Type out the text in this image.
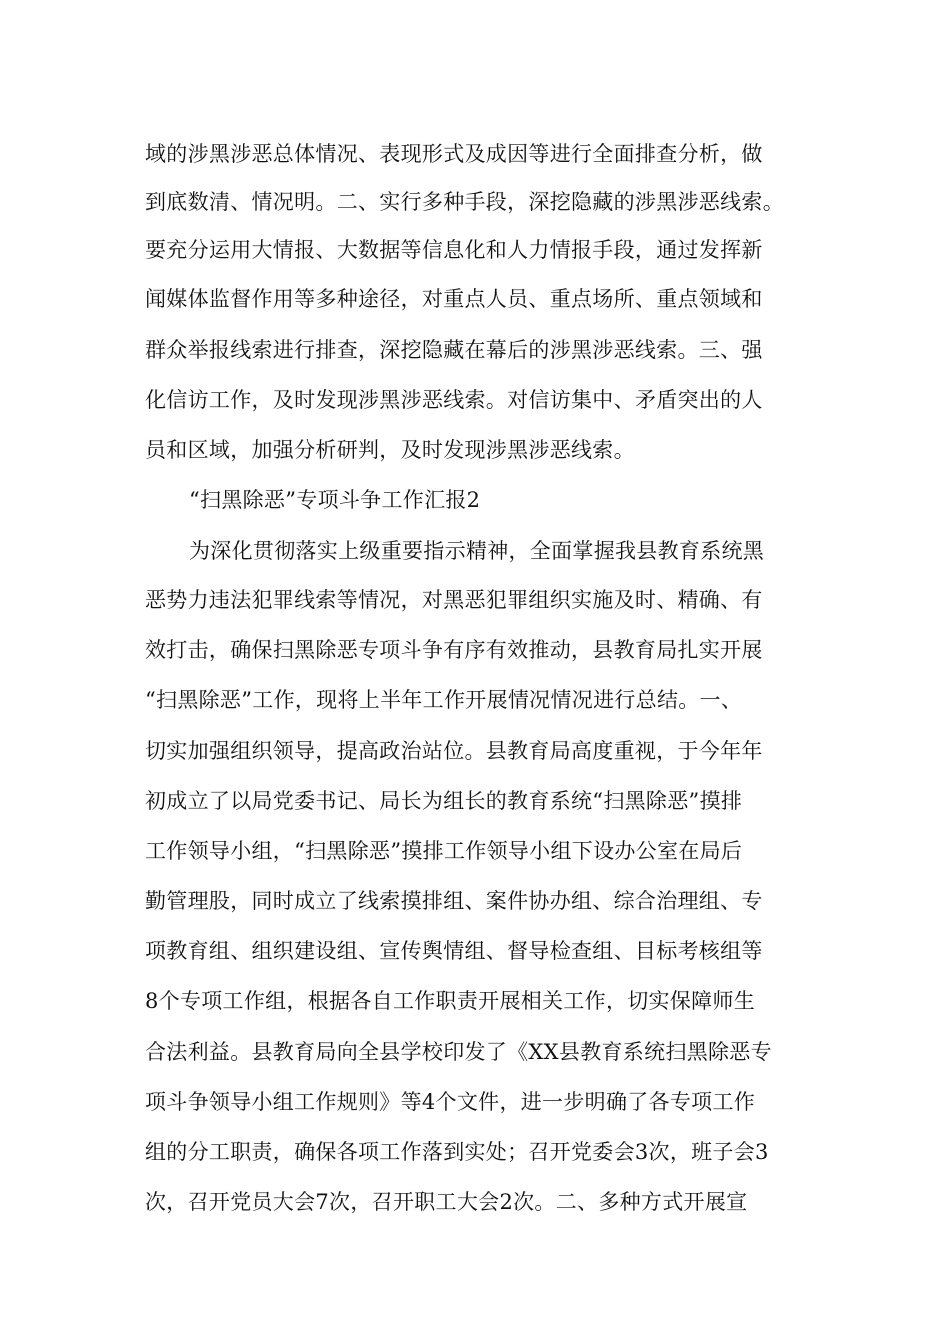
域的涉黑涉恶总体情况、表现形式及成因等进行全面排查分析，做
到底数清、情况明。二、实行多种手段，深挖隐藏的涉黑涉恶线索。
要充分运用大情报、大数据等信息化和人力情报手段，通过发挥新
闻媒体监督作用等多种途径，对重点人员、重点场所、重点领域和
群众举报线索进行排查，深挖隐藏在幕后的涉黑涉恶线索。三、强
化信访工作，及时发现涉黑涉恶线索。对信访集中、矛盾突出的人
员和区域，加强分析研判，及时发现涉黑涉恶线索。
“扫黑除恶”专项斗争工作汇报2
为深化贯彻落实上级重要指示精神，全面掌握我县教育系统黑
恶势力违法犯罪线索等情况，对黑恶犯罪组织实施及时、精确、有
效打击，确保扫黑除恶专项斗争有序有效推动，县教育局扎实开展
“扫黑除恶”工作，现将上半年工作开展情况情况进行总结。一、
切实加强组织领导，提高政治站位。县教育局高度重视，于今年年
初成立了以局党委书记、局长为组长的教育系统“扫黑除恶”摸排
工作领导小组，“扫黑除恶”摸排工作领导小组下设办公室在局后
勤管理股，同时成立了线索摸排组、案件协办组、综合治理组、专
项教育组、组织建设组、宣传舆情组、督导检查组、目标考核组等
8个专项工作组，根据各自工作职责开展相关工作，切实保障师生
合法利益。县教育局向全县学校印发了《XX县教育系统扫黑除恶专
项斗争领导小组工作规则》等4个文件，进一步明确了各专项工作
组的分工职责，确保各项工作落到实处；召开党委会3次，班子会3
次，召开党员大会7次，召开职工大会2次。二、多种方式开展宣
